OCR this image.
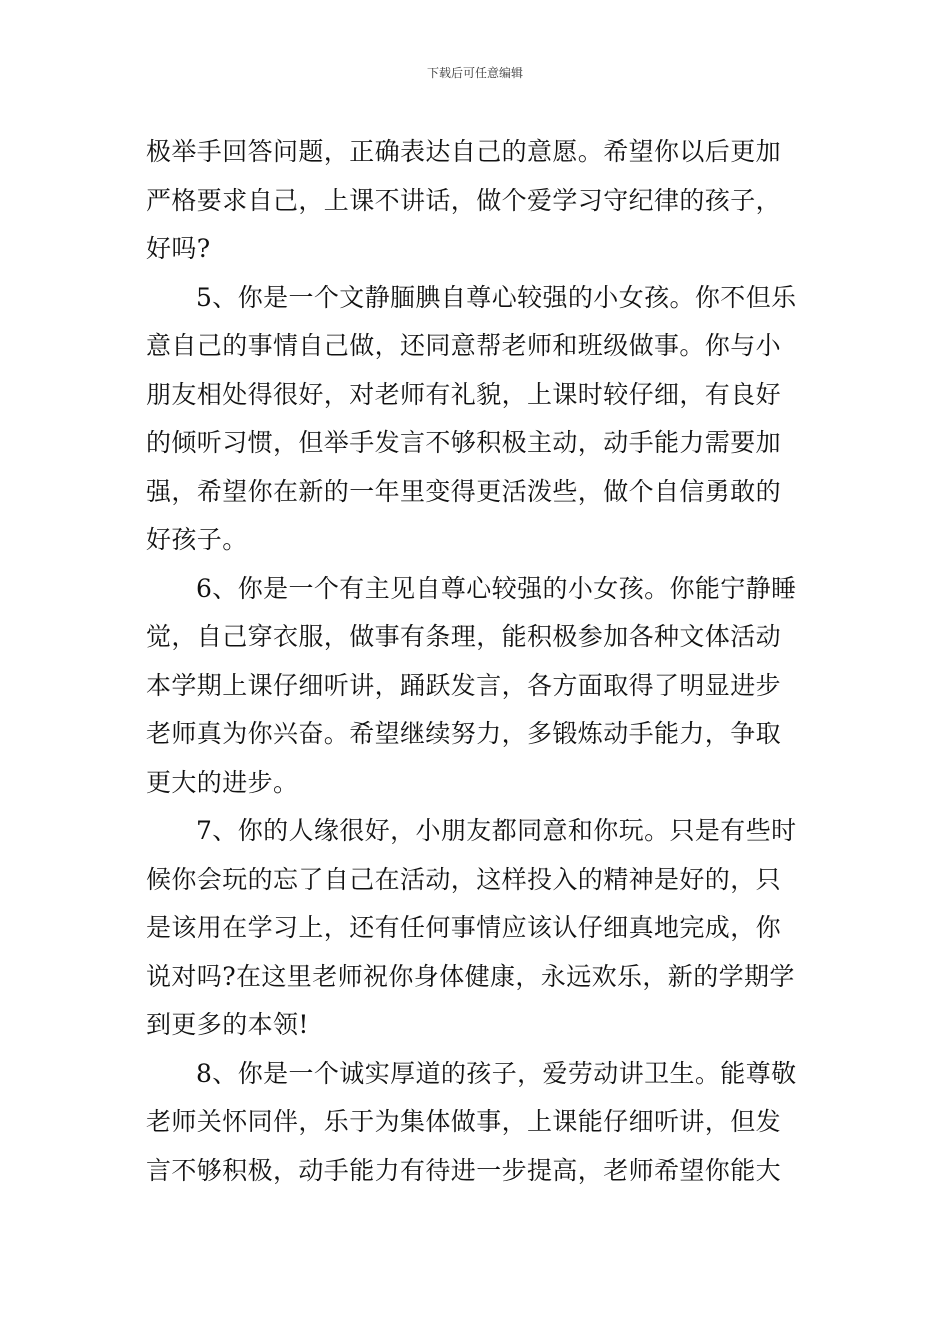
下载后可任意编辑
极举手回答问题，正确表达自己的意愿。希望你以后更加
严格要求自己，上课不讲话，做个爱学习守纪律的孩子，
好吗?
5、你是一个文静腼腆自尊心较强的小女孩。你不但乐
意自己的事情自己做，还同意帮老师和班级做事。你与小
朋友相处得很好，对老师有礼貌，上课时较仔细，有良好
的倾听习惯，但举手发言不够积极主动，动手能力需要加
强，希望你在新的一年里变得更活泼些，做个自信勇敢的
好孩子。
6、你是一个有主见自尊心较强的小女孩。你能宁静睡
觉，自己穿衣服，做事有条理，能积极参加各种文体活动
本学期上课仔细听讲，踊跃发言，各方面取得了明显进步
老师真为你兴奋。希望继续努力，多锻炼动手能力，争取
更大的进步。
7、你的人缘很好，小朋友都同意和你玩。只是有些时
候你会玩的忘了自己在活动，这样投入的精神是好的，只
是该用在学习上，还有任何事情应该认仔细真地完成，你
说对吗?在这里老师祝你身体健康，永远欢乐，新的学期学
到更多的本领!
8、你是一个诚实厚道的孩子，爱劳动讲卫生。能尊敬
老师关怀同伴，乐于为集体做事，上课能仔细听讲，但发
言不够积极，动手能力有待进一步提高，老师希望你能大
